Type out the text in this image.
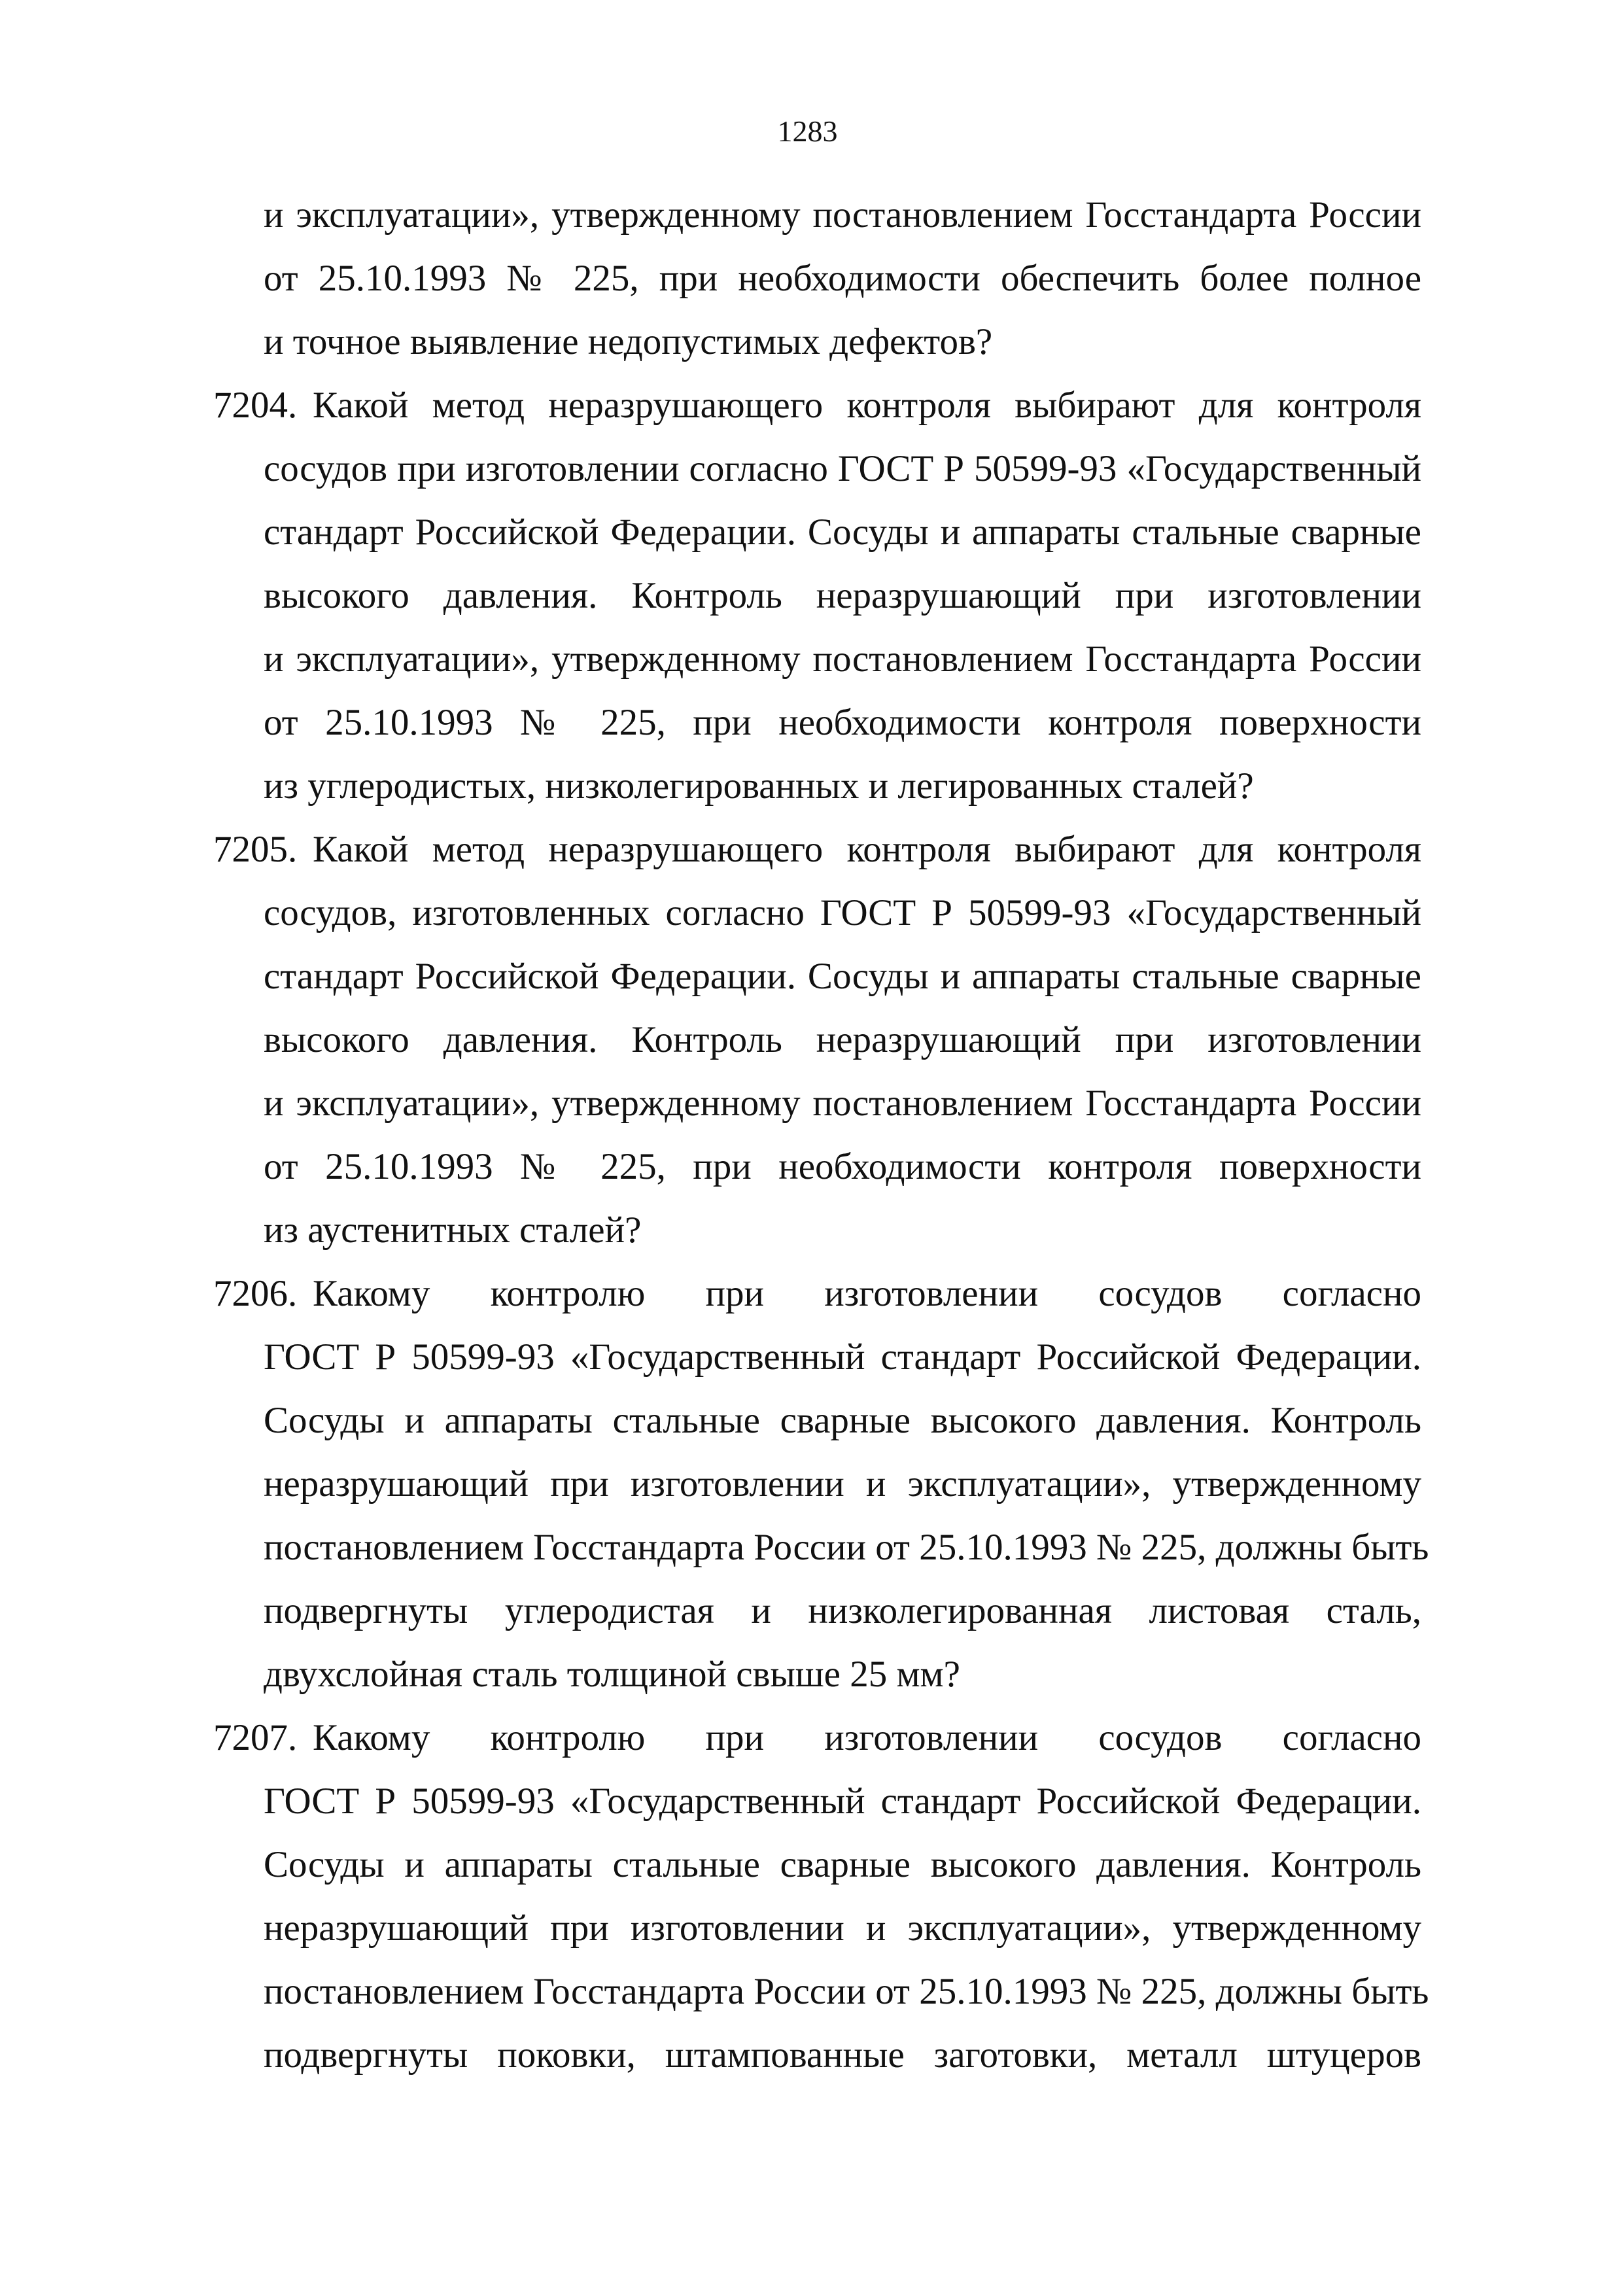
1283
и эксплуатации», утвержденному постановлением Госстандарта России
от 25.10.1993 № 225, при необходимости обеспечить более полное
и точное выявление недопустимых дефектов?
7204. Какой метод неразрушающего контроля выбирают для контроля
сосудов при изготовлении согласно ГОСТ Р 50599-93 «Государственный
стандарт Российской Федерации. Сосуды и аппараты стальные сварные
высокого давления. Контроль неразрушающий при изготовлении
и эксплуатации», утвержденному постановлением Госстандарта России
от 25.10.1993 № 225, при необходимости контроля поверхности
из углеродистых, низколегированных и легированных сталей?
7205. Какой метод неразрушающего контроля выбирают для контроля
сосудов, изготовленных согласно ГОСТ Р 50599-93 «Государственный
стандарт Российской Федерации. Сосуды и аппараты стальные сварные
высокого давления. Контроль неразрушающий при изготовлении
и эксплуатации», утвержденному постановлением Госстандарта России
от 25.10.1993 № 225, при необходимости контроля поверхности
из аустенитных сталей?
7206. Какому контролю при изготовлении сосудов согласно
ГОСТ Р 50599-93 «Государственный стандарт Российской Федерации.
Сосуды и аппараты стальные сварные высокого давления. Контроль
неразрушающий при изготовлении и эксплуатации», утвержденному
постановлением Госстандарта России от 25.10.1993 № 225, должны быть
подвергнуты углеродистая и низколегированная листовая сталь,
двухслойная сталь толщиной свыше 25 мм?
7207. Какому контролю при изготовлении сосудов согласно
ГОСТ Р 50599-93 «Государственный стандарт Российской Федерации.
Сосуды и аппараты стальные сварные высокого давления. Контроль
неразрушающий при изготовлении и эксплуатации», утвержденному
постановлением Госстандарта России от 25.10.1993 № 225, должны быть
подвергнуты поковки, штампованные заготовки, металл штуцеров
